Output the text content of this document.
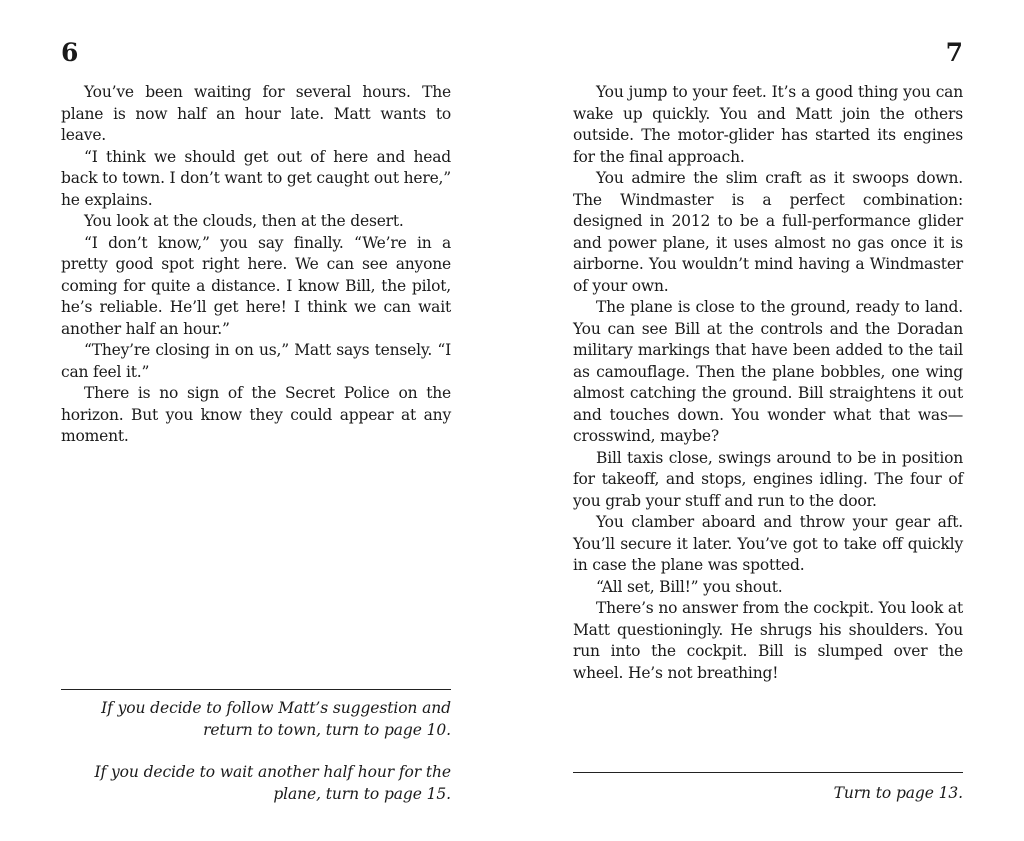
6

You’ve been waiting for several hours. The plane is now half an hour late. Matt wants to leave.

“I think we should get out of here and head back to town. I don’t want to get caught out here,” he explains.

You look at the clouds, then at the desert.

“I don’t know,” you say finally. “We’re in a pretty good spot right here. We can see anyone coming for quite a distance. I know Bill, the pilot, he’s reliable. He’ll get here! I think we can wait another half an hour.”

“They’re closing in on us,” Matt says tensely. “I can feel it.”

There is no sign of the Secret Police on the horizon. But you know they could appear at any moment.

If you decide to follow Matt’s suggestion and return to town, turn to page 10.

If you decide to wait another half hour for the plane, turn to page 15.

7

You jump to your feet. It’s a good thing you can wake up quickly. You and Matt join the others outside. The motor-glider has started its engines for the final approach.

You admire the slim craft as it swoops down. The Windmaster is a perfect combination: designed in 2012 to be a full-performance glider and power plane, it uses almost no gas once it is airborne. You wouldn’t mind having a Windmaster of your own.

The plane is close to the ground, ready to land. You can see Bill at the controls and the Doradan military markings that have been added to the tail as camouflage. Then the plane bobbles, one wing almost catching the ground. Bill straightens it out and touches down. You wonder what that was—crosswind, maybe?

Bill taxis close, swings around to be in position for takeoff, and stops, engines idling. The four of you grab your stuff and run to the door.

You clamber aboard and throw your gear aft. You’ll secure it later. You’ve got to take off quickly in case the plane was spotted.

“All set, Bill!” you shout.

There’s no answer from the cockpit. You look at Matt questioningly. He shrugs his shoulders. You run into the cockpit. Bill is slumped over the wheel. He’s not breathing!

Turn to page 13.
